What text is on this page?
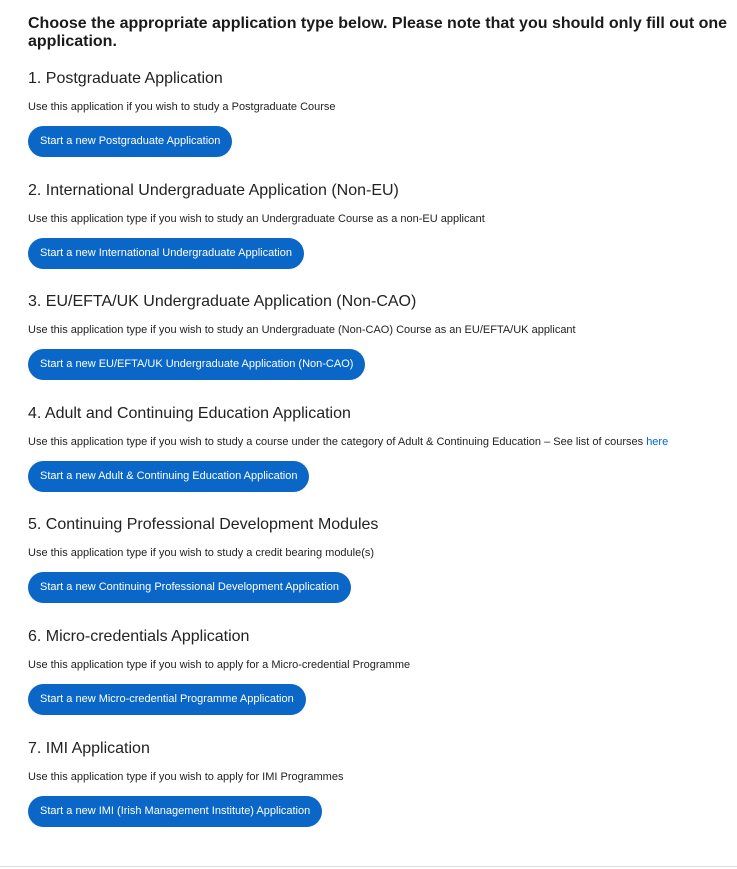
Choose the appropriate application type below. Please note that you should only fill out one application.

1. Postgraduate Application

Use this application if you wish to study a Postgraduate Course

Start a new Postgraduate Application
2. International Undergraduate Application (Non-EU)

Use this application type if you wish to study an Undergraduate Course as a non-EU applicant

Start a new International Undergraduate Application
3. EU/EFTA/UK Undergraduate Application (Non-CAO)

Use this application type if you wish to study an Undergraduate (Non-CAO) Course as an EU/EFTA/UK applicant

Start a new EU/EFTA/UK Undergraduate Application (Non-CAO)
4. Adult and Continuing Education Application

Use this application type if you wish to study a course under the category of Adult & Continuing Education – See list of courses here

Start a new Adult & Continuing Education Application
5. Continuing Professional Development Modules

Use this application type if you wish to study a credit bearing module(s)

Start a new Continuing Professional Development Application
6. Micro-credentials Application

Use this application type if you wish to apply for a Micro-credential Programme

Start a new Micro-credential Programme Application
7. IMI Application

Use this application type if you wish to apply for IMI Programmes

Start a new IMI (Irish Management Institute) Application
